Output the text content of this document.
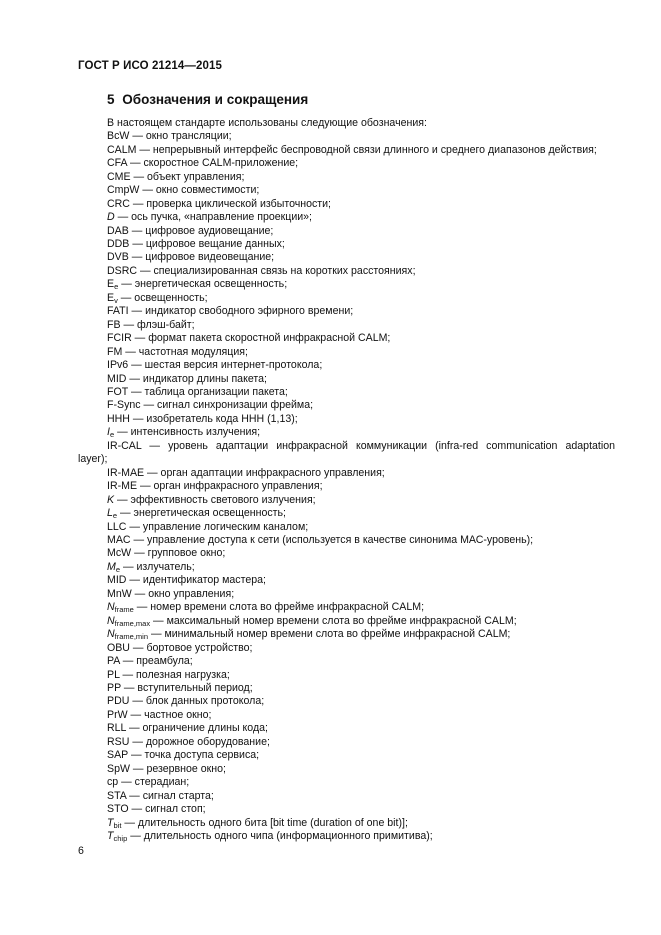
ГОСТ Р ИСО 21214—2015
5 Обозначения и сокращения
В настоящем стандарте использованы следующие обозначения:
BcW — окно трансляции;
CALM — непрерывный интерфейс беспроводной связи длинного и среднего диапазонов действия;
CFA — скоростное CALM-приложение;
CME — объект управления;
CmpW — окно совместимости;
CRC — проверка циклической избыточности;
D — ось пучка, «направление проекции»;
DAB — цифровое аудиовещание;
DDB — цифровое вещание данных;
DVB — цифровое видеовещание;
DSRC — специализированная связь на коротких расстояниях;
$E_e$ — энергетическая освещенность;
$E_v$ — освещенность;
FATI — индикатор свободного эфирного времени;
FB — флэш-байт;
FCIR — формат пакета скоростной инфракрасной CALM;
FM — частотная модуляция;
IPv6 — шестая версия интернет-протокола;
MID — индикатор длины пакета;
FOT — таблица организации пакета;
F-Sync — сигнал синхронизации фрейма;
HHH — изобретатель кода HHH (1,13);
$I_e$ — интенсивность излучения;
IR-CAL — уровень адаптации инфракрасной коммуникации (infra-red communication adaptation
layer);
IR-MAE — орган адаптации инфракрасного управления;
IR-ME — орган инфракрасного управления;
K — эффективность светового излучения;
$L_e$ — энергетическая освещенность;
LLC — управление логическим каналом;
MAC — управление доступа к сети (используется в качестве синонима МАС-уровень);
McW — групповое окно;
$M_e$ — излучатель;
MID — идентификатор мастера;
MnW — окно управления;
$N_{frame}$ — номер времени слота во фрейме инфракрасной CALM;
$N_{frame,max}$ — максимальный номер времени слота во фрейме инфракрасной CALM;
$N_{frame,min}$ — минимальный номер времени слота во фрейме инфракрасной CALM;
OBU — бортовое устройство;
PA — преамбула;
PL — полезная нагрузка;
PP — вступительный период;
PDU — блок данных протокола;
PrW — частное окно;
RLL — ограничение длины кода;
RSU — дорожное оборудование;
SAP — точка доступа сервиса;
SpW — резервное окно;
cp — стерадиан;
STA — сигнал старта;
STO — сигнал стоп;
$T_{bit}$ — длительность одного бита [bit time (duration of one bit)];
$T_{chip}$ — длительность одного чипа (информационного примитива);
6
